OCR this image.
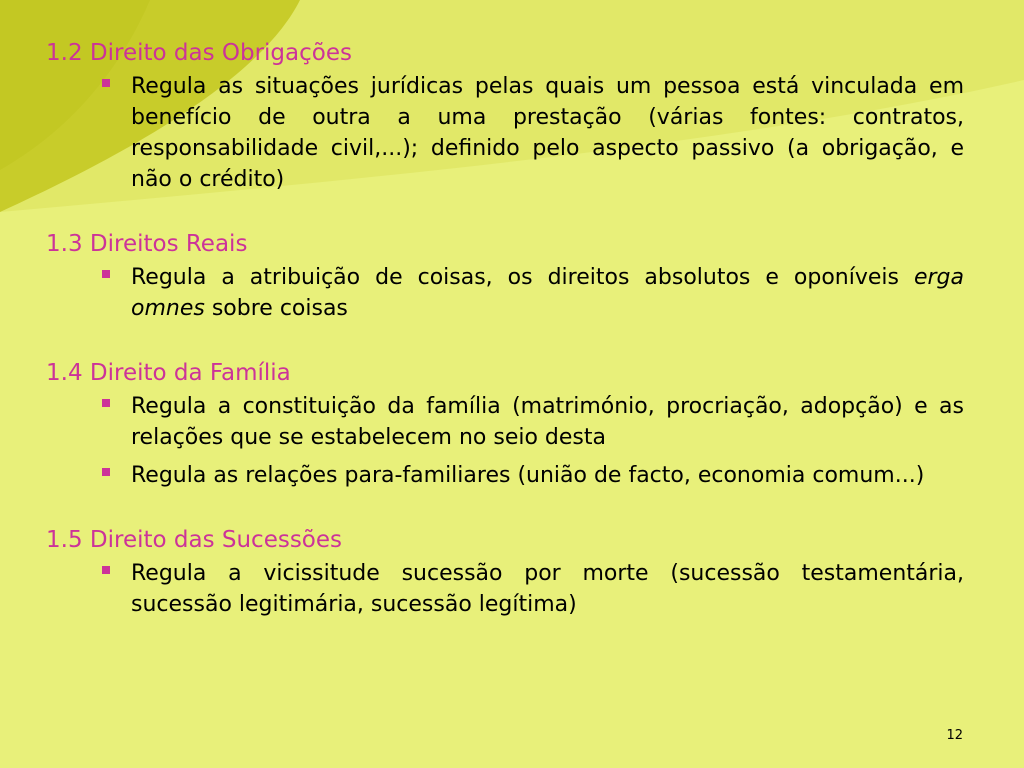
1.2 Direito das Obrigações
Regula as situações jurídicas pelas quais um pessoa está vinculada em benefício de outra a uma prestação (várias fontes: contratos, responsabilidade civil,...); definido pelo aspecto passivo (a obrigação, e não o crédito)
1.3 Direitos Reais
Regula a atribuição de coisas, os direitos absolutos e oponíveis erga omnes sobre coisas
1.4 Direito da Família
Regula a constituição da família (matrimónio, procriação, adopção) e as relações que se estabelecem no seio desta
Regula as relações para-familiares (união de facto, economia comum...)
1.5 Direito das Sucessões
Regula a vicissitude sucessão por morte (sucessão testamentária, sucessão legitimária, sucessão legítima)
12
